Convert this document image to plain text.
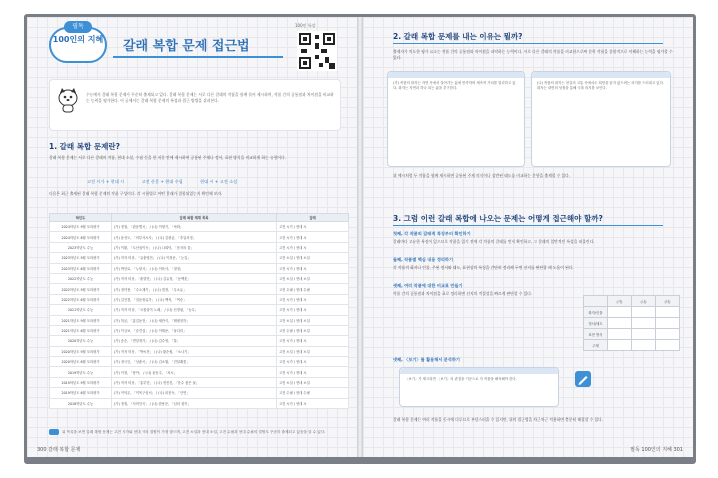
필독
100인의 지혜 갈래 복합 문제 접근법
100인 특강
수능에서 갈래 복합 문제가 꾸준히 출제되고 있다. 갈래 복합 문제는 서로 다른 갈래의 작품을 함께 묶어 제시하며, 작품 간의 공통점과 차이점을 비교하는 능력을 평가한다. 이 글에서는 갈래 복합 문제의 특성과 접근 방법을 살펴본다.
1. 갈래 복합 문제란?
갈래 복합 문제는 서로 다른 갈래의 작품, 현대 소설, 수필 등을 한 지문 안에 제시하여 공통된 주제나 정서, 표현 방식을 비교하게 하는 유형이다.
고전 시가 + 현대 시	고전 산문 + 현대 수필	현대 시 + 고전 소설
다음은 최근 출제된 갈래 복합 문제의 작품 구성이다. 각 시험별로 어떤 갈래가 결합되었는지 확인해 보자.
학년도	갈래 복합 제재 목록	갈래
2024학년도 9월 모의평가	(가) 정철, 「관동별곡」 / (나) 이형기, 「낙화」	고전 시가 / 현대 시
2024학년도 6월 모의평가	(가) 윤선도, 「어부사시사」 / (나) 김광균, 「추일서정」	고전 시가 / 현대 시
2023학년도 수능	(가) 이황, 「도산십이곡」 / (나) 나희덕, 「음지의 꽃」	고전 시가 / 현대 시
2023학년도 9월 모의평가	(가) 작자 미상, 「유충렬전」 / (나) 이청준, 「눈길」	고전 소설 / 현대 소설
2023학년도 6월 모의평가	(가) 박인로, 「누항사」 / (나) 이육사, 「절정」	고전 시가 / 현대 시
2022학년도 수능	(가) 작자 미상, 「춘향전」 / (나) 김유정, 「동백꽃」	고전 소설 / 현대 소설
2022학년도 9월 모의평가	(가) 정약용, 「수오재기」 / (나) 법정, 「무소유」	고전 수필 / 현대 수필
2022학년도 6월 모의평가	(가) 김인겸, 「일동장유가」 / (나) 백석, 「여승」	고전 시가 / 현대 시
2021학년도 수능	(가) 작자 미상, 「시집살이 노래」 / (나) 신경림, 「농무」	고전 시가 / 현대 시
2021학년도 9월 모의평가	(가) 허균, 「홍길동전」 / (나) 채만식, 「태평천하」	고전 소설 / 현대 소설
2021학년도 6월 모의평가	(가) 이규보, 「슬견설」 / (나) 이태준, 「돌다리」	고전 수필 / 현대 소설
2020학년도 수능	(가) 송순, 「면앙정가」 / (나) 김수영, 「풀」	고전 시가 / 현대 시
2020학년도 9월 모의평가	(가) 작자 미상, 「박씨전」 / (나) 황순원, 「소나기」	고전 소설 / 현대 소설
2020학년도 6월 모의평가	(가) 정극인, 「상춘곡」 / (나) 김소월, 「진달래꽃」	고전 시가 / 현대 시
2019학년도 수능	(가) 이정, 「풍아」 / (나) 윤동주, 「서시」	고전 시가 / 현대 시
2019학년도 9월 모의평가	(가) 작자 미상, 「흥부전」 / (나) 현진건, 「운수 좋은 날」	고전 소설 / 현대 소설
2019학년도 6월 모의평가	(가) 이덕무, 「이목구심서」 / (나) 피천득, 「인연」	고전 수필 / 현대 수필
2018학년도 수능	(가) 정철, 「사미인곡」 / (나) 한용운, 「님의 침묵」	고전 시가 / 현대 시
위 목록을 보면 갈래 복합 문제는 고전 시가와 현대 시의 결합이 가장 많으며, 고전 소설과 현대 소설, 고전 수필과 현대 수필의 결합도 꾸준히 출제되고 있음을 알 수 있다.
300 갈래 복합 문제
2. 갈래 복합 문제를 내는 이유는 뭘까?
출제자가 의도한 평가 요소는 작품 간의 공통점과 차이점을 파악하는 능력이다. 서로 다른 갈래의 작품을 비교함으로써 문학 작품을 종합적으로 이해하는 능력을 평가할 수 있다.
(가) 작품의 화자는 자연 속에서 살아가는 삶에 만족하며 세속적 가치를 멀리하고 있다. 화자는 자연과 하나 되는 삶을 추구한다.
(나) 작품의 화자는 현실의 고통 속에서도 희망을 잃지 않으려는 의지를 드러내고 있다. 화자는 내면의 성찰을 통해 극복 의지를 보인다.
위 예시처럼 두 작품을 함께 제시하면 공통된 주제 의식이나 상반된 태도를 비교하는 문항을 출제할 수 있다.
3. 그럼 이런 갈래 복합에 나오는 문제는 어떻게 접근해야 할까?
첫째, 각 작품의 갈래적 특징부터 확인하기
갈래마다 고유한 특징이 있으므로 작품을 읽기 전에 각 작품의 갈래를 먼저 확인하고, 그 갈래의 일반적인 특성을 떠올린다.
둘째, 작품별 핵심 내용 정리하기
각 작품의 화자나 인물, 주된 정서와 태도, 표현상의 특징을 간단히 정리해 두면 선지를 판단할 때 도움이 된다.
셋째, 여러 작품에 대한 비교표 만들기
작품 간의 공통점과 차이점을 표로 정리하면 선지의 적절성을 빠르게 판단할 수 있다.
	(가)	(나)	(다)
화자/인물			
정서/태도			
표현 방식			
주제			
넷째, 〈보기〉를 활용해서 분석하기
〈보기〉가 제시되면 〈보기〉의 관점을 기준으로 각 작품을 해석해야 한다.
갈래 복합 문제는 여러 작품을 동시에 다루므로 부담스러울 수 있지만, 위의 접근법을 차근차근 적용하면 충분히 해결할 수 있다.
필독 100인의 지혜 301
